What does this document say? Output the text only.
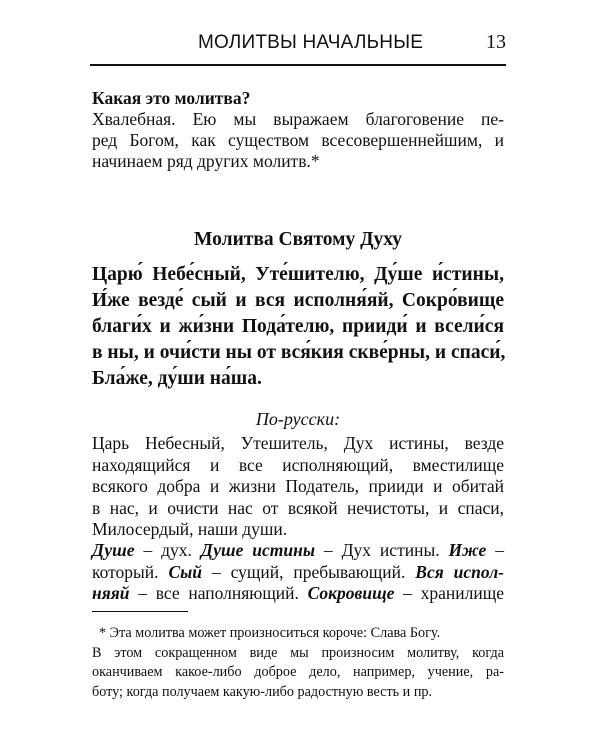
МОЛИТВЫ НАЧАЛЬНЫЕ	13
Какая это молитва?
Хвалебная. Ею мы выражаем благоговение пе-
ред Богом, как существом всесовершеннейшим, и
начинаем ряд других молитв.*
Молитва Святому Духу
Царю́ Небе́сный, Уте́шителю, Ду́ше и́стины,
И́же везде́ сый и вся исполня́яй, Сокро́вище
благи́х и жи́зни Пода́телю, прииди́ и всели́ся
в ны, и очи́сти ны от вся́кия скве́рны, и спаси́,
Бла́же, ду́ши на́ша.
По-русски:
Царь Небесный, Утешитель, Дух истины, везде
находящийся и все исполняющий, вместилище
всякого добра и жизни Податель, прииди и обитай
в нас, и очисти нас от всякой нечистоты, и спаси,
Милосердый, наши души.
Душе – дух. Душе истины – Дух истины. Иже –
который. Сый – сущий, пребывающий. Вся испол-
няяй – все наполняющий. Сокровище – хранилище
* Эта молитва может произноситься короче: Слава Богу.
В этом сокращенном виде мы произносим молитву, когда
оканчиваем какое-либо доброе дело, например, учение, ра-
боту; когда получаем какую-либо радостную весть и пр.
